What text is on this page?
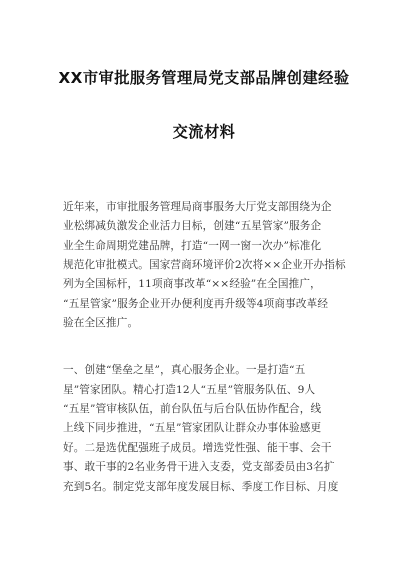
XX市审批服务管理局党支部品牌创建经验
交流材料
近年来，市审批服务管理局商事服务大厅党支部围绕为企
业松绑减负激发企业活力目标，创建“五星管家”服务企
业全生命周期党建品牌，打造“一网一窗一次办”标准化
规范化审批模式。国家营商环境评价2次将××企业开办指标
列为全国标杆，11项商事改革“××经验”在全国推广，
“五星管家”服务企业开办便利度再升级等4项商事改革经
验在全区推广。
一、创建“堡垒之星”，真心服务企业。一是打造“五
星”管家团队。精心打造12人“五星”管服务队伍、9人
“五星”管审核队伍，前台队伍与后台队伍协作配合，线
上线下同步推进，“五星”管家团队让群众办事体验感更
好。二是选优配强班子成员。增选党性强、能干事、会干
事、敢干事的2名业务骨干进入支委，党支部委员由3名扩
充到5名。制定党支部年度发展目标、季度工作目标、月度
